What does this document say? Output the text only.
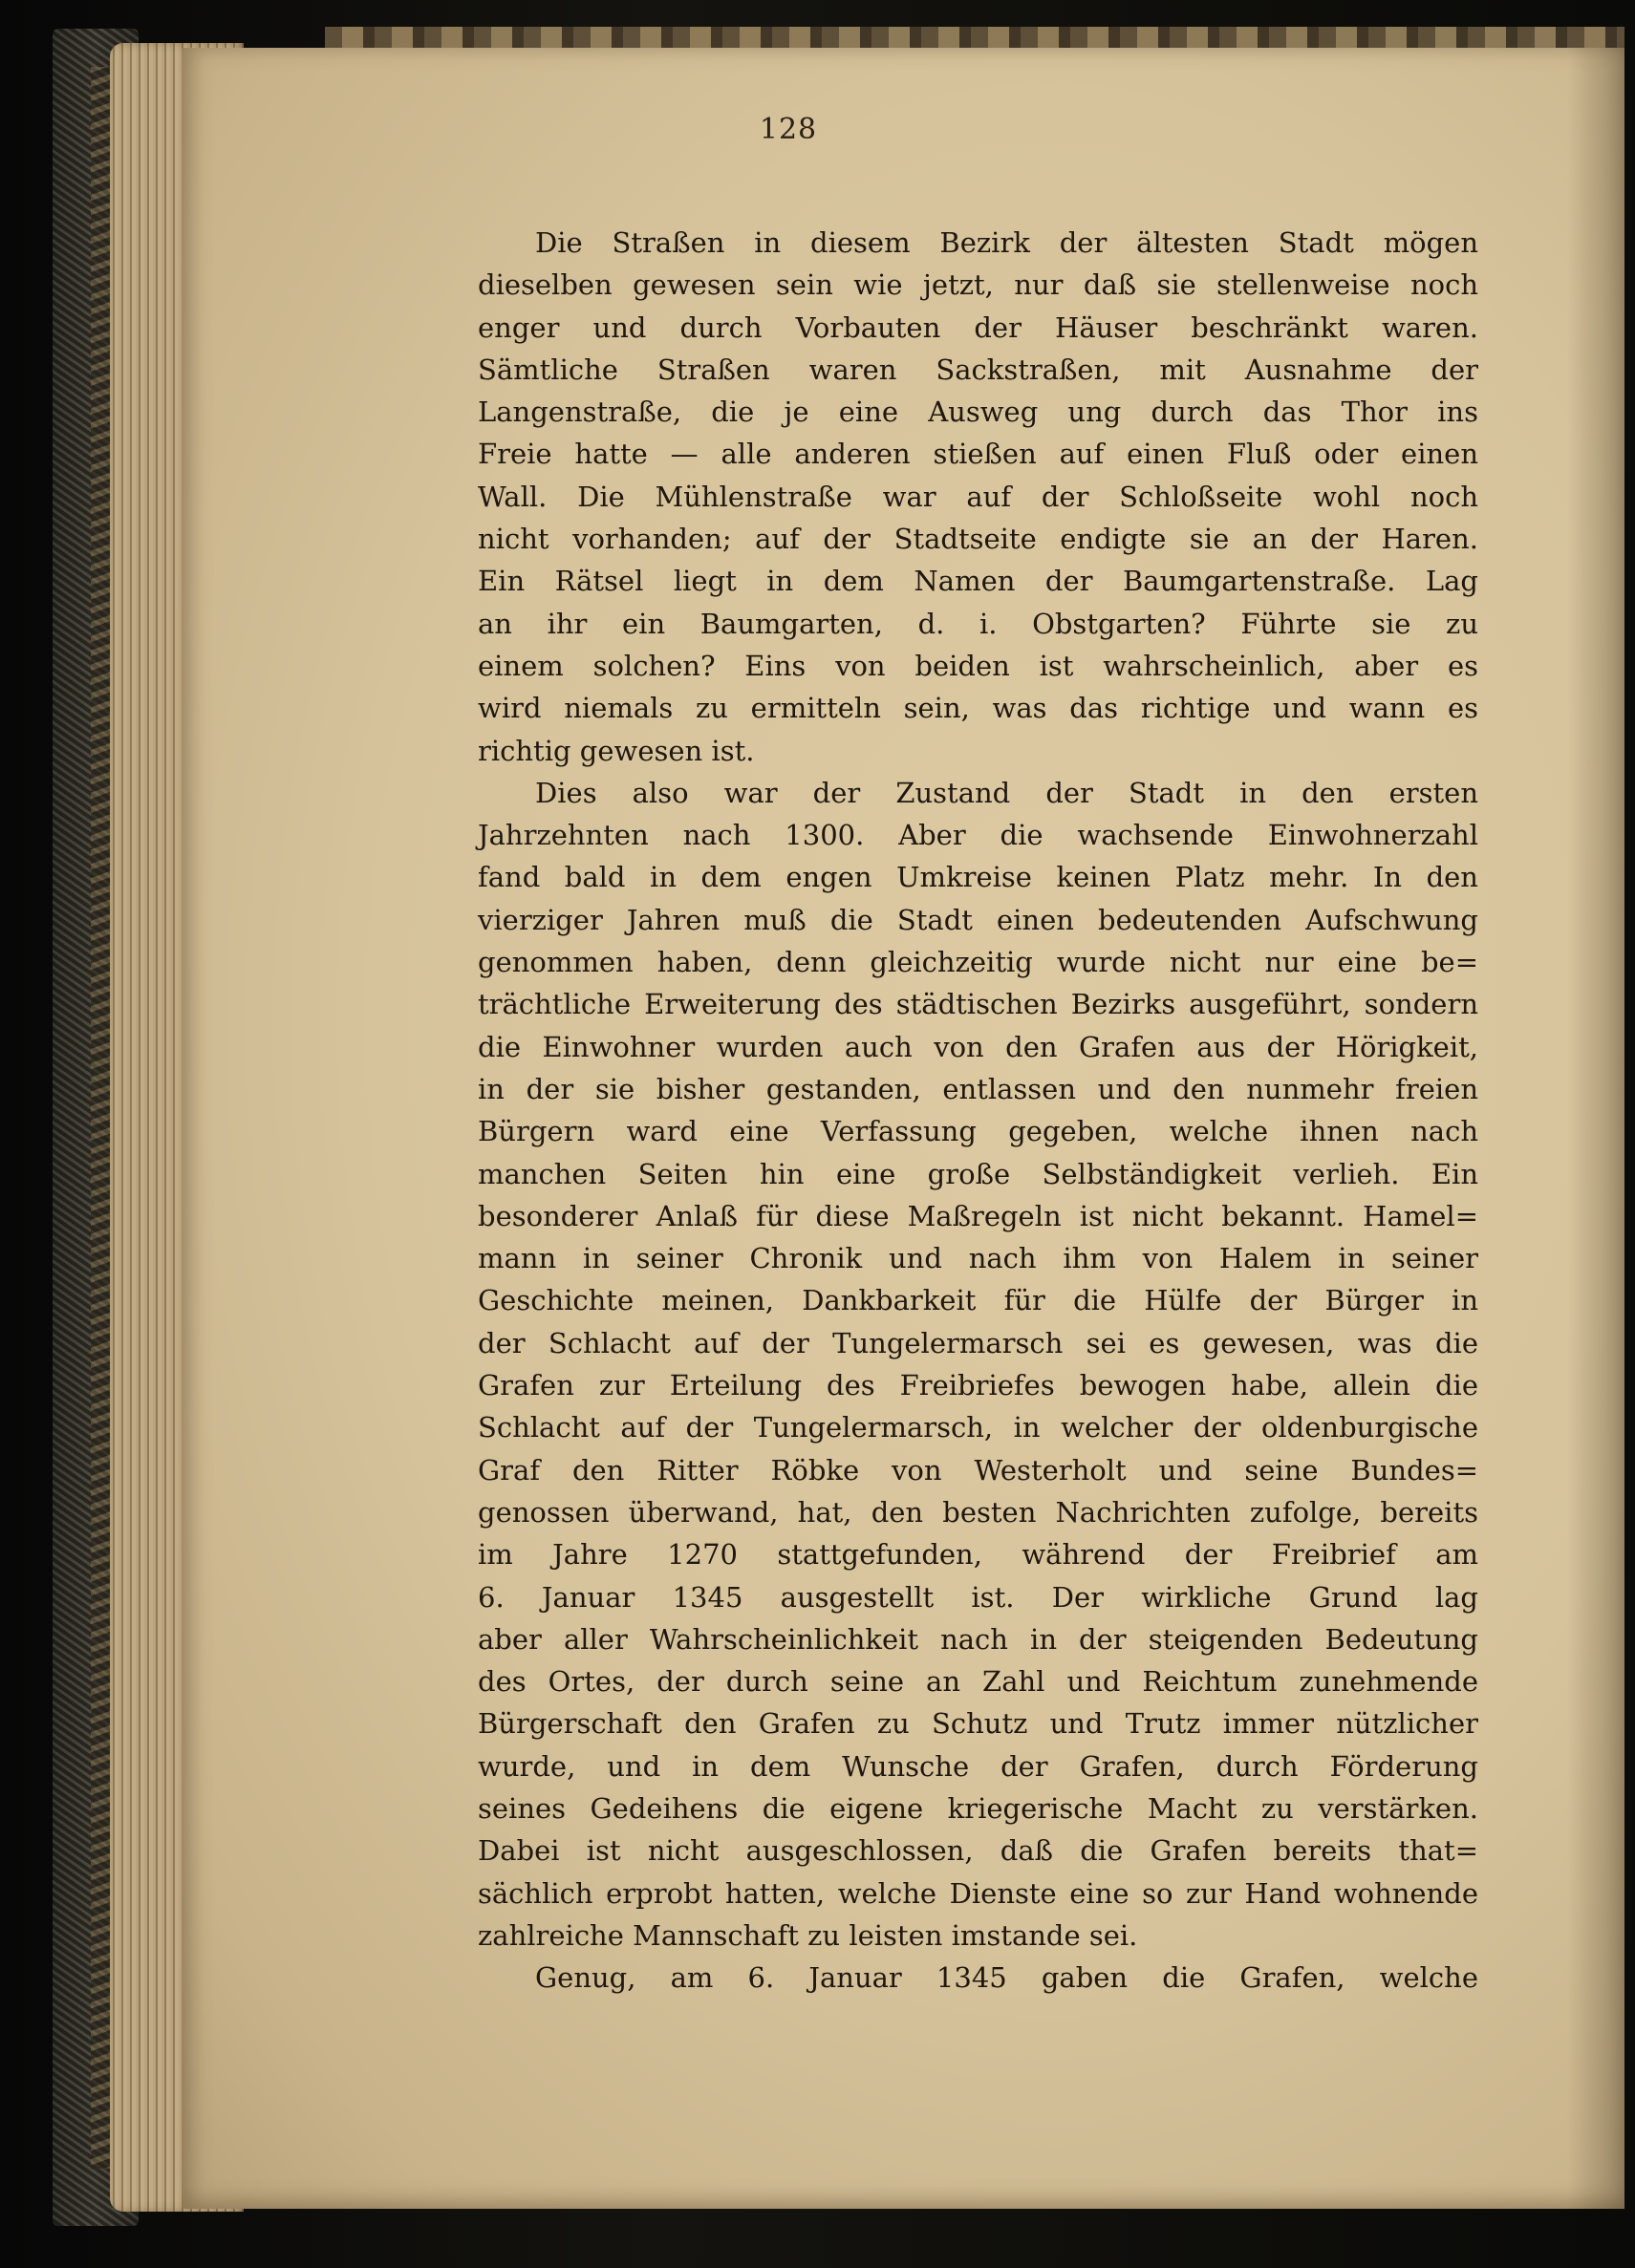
128
Die Straßen in diesem Bezirk der ältesten Stadt mögen
dieselben gewesen sein wie jetzt, nur daß sie stellenweise noch
enger und durch Vorbauten der Häuser beschränkt waren.
Sämtliche Straßen waren Sackstraßen, mit Ausnahme der
Langenstraße, die je eine Ausweg ung durch das Thor ins
Freie hatte — alle anderen stießen auf einen Fluß oder einen
Wall. Die Mühlenstraße war auf der Schloßseite wohl noch
nicht vorhanden; auf der Stadtseite endigte sie an der Haren.
Ein Rätsel liegt in dem Namen der Baumgartenstraße. Lag
an ihr ein Baumgarten, d. i. Obstgarten? Führte sie zu
einem solchen? Eins von beiden ist wahrscheinlich, aber es
wird niemals zu ermitteln sein, was das richtige und wann es
richtig gewesen ist.
Dies also war der Zustand der Stadt in den ersten
Jahrzehnten nach 1300. Aber die wachsende Einwohnerzahl
fand bald in dem engen Umkreise keinen Platz mehr. In den
vierziger Jahren muß die Stadt einen bedeutenden Aufschwung
genommen haben, denn gleichzeitig wurde nicht nur eine be=
trächtliche Erweiterung des städtischen Bezirks ausgeführt, sondern
die Einwohner wurden auch von den Grafen aus der Hörigkeit,
in der sie bisher gestanden, entlassen und den nunmehr freien
Bürgern ward eine Verfassung gegeben, welche ihnen nach
manchen Seiten hin eine große Selbständigkeit verlieh. Ein
besonderer Anlaß für diese Maßregeln ist nicht bekannt. Hamel=
mann in seiner Chronik und nach ihm von Halem in seiner
Geschichte meinen, Dankbarkeit für die Hülfe der Bürger in
der Schlacht auf der Tungelermarsch sei es gewesen, was die
Grafen zur Erteilung des Freibriefes bewogen habe, allein die
Schlacht auf der Tungelermarsch, in welcher der oldenburgische
Graf den Ritter Röbke von Westerholt und seine Bundes=
genossen überwand, hat, den besten Nachrichten zufolge, bereits
im Jahre 1270 stattgefunden, während der Freibrief am
6. Januar 1345 ausgestellt ist. Der wirkliche Grund lag
aber aller Wahrscheinlichkeit nach in der steigenden Bedeutung
des Ortes, der durch seine an Zahl und Reichtum zunehmende
Bürgerschaft den Grafen zu Schutz und Trutz immer nützlicher
wurde, und in dem Wunsche der Grafen, durch Förderung
seines Gedeihens die eigene kriegerische Macht zu verstärken.
Dabei ist nicht ausgeschlossen, daß die Grafen bereits that=
sächlich erprobt hatten, welche Dienste eine so zur Hand wohnende
zahlreiche Mannschaft zu leisten imstande sei.
Genug, am 6. Januar 1345 gaben die Grafen, welche
